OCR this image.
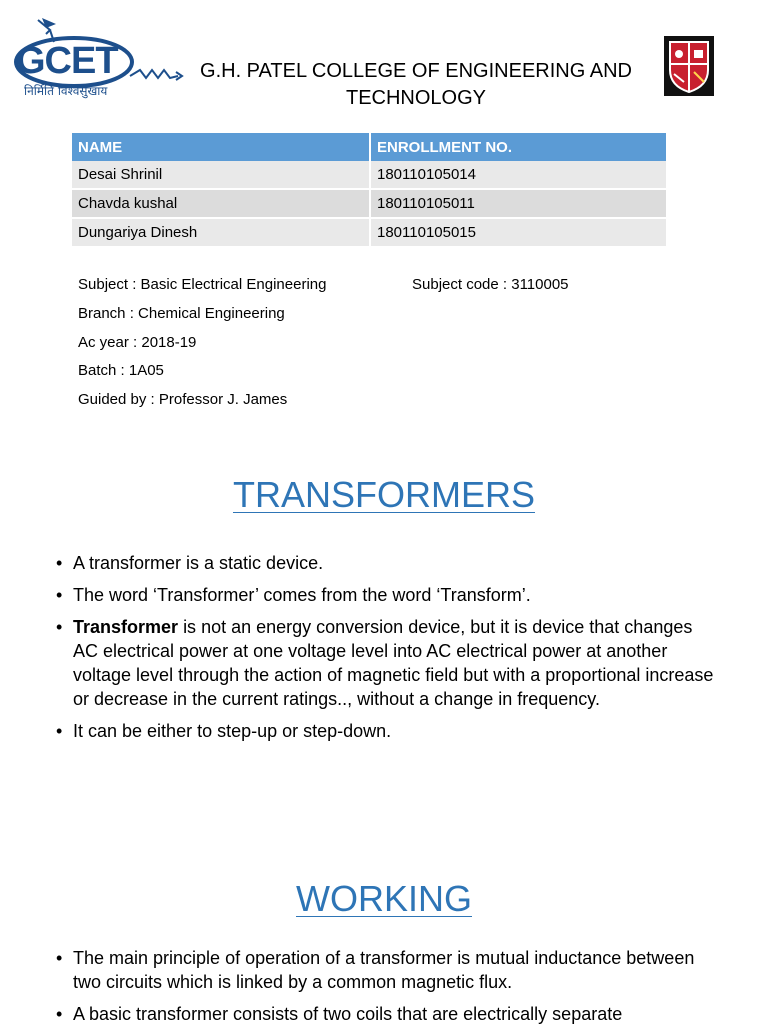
GCET
निर्मिति विश्वसुखाय
G.H. PATEL COLLEGE OF ENGINEERING AND TECHNOLOGY
NAME	ENROLLMENT NO.
Desai Shrinil	180110105014
Chavda kushal	180110105011
Dungariya Dinesh	180110105015
Subject : Basic Electrical Engineering	Subject code : 3110005
Branch : Chemical Engineering
Ac year : 2018-19
Batch : 1A05
Guided by : Professor J. James
TRANSFORMERS
• A transformer is a static device.
• The word ‘Transformer’ comes from the word ‘Transform’.
• Transformer is not an energy conversion device, but it is device that changes AC electrical power at one voltage level into AC electrical power at another voltage level through the action of magnetic field but with a proportional increase or decrease in the current ratings.., without a change in frequency.
• It can be either to step-up or step-down.
WORKING
• The main principle of operation of a transformer is mutual inductance between two circuits which is linked by a common magnetic flux.
• A basic transformer consists of two coils that are electrically separate
